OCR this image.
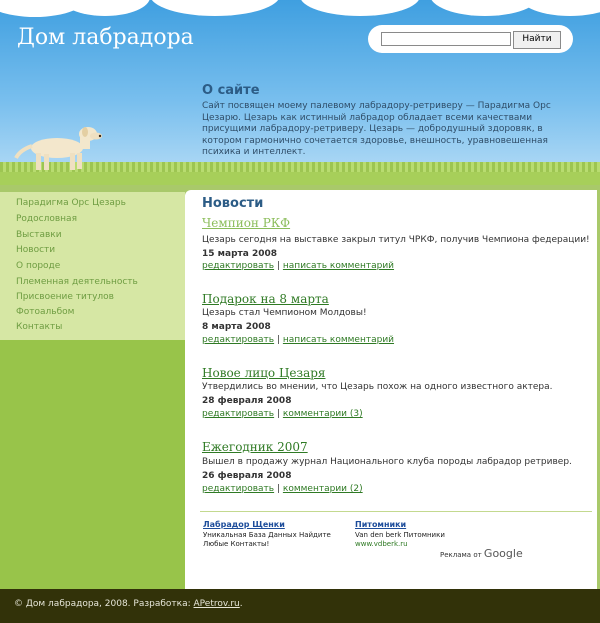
Дом лабрадора	Найти
О сайте
Сайт посвящен моему палевому лабрадору-ретриверу — Парадигма Орс Цезарю. Цезарь как истинный лабрадор обладает всеми качествами присущими лабрадору-ретриверу. Цезарь — добродушный здоровяк, в котором гармонично сочетается здоровье, внешность, уравновешенная психика и интеллект.
Парадигма Орс Цезарь
Родословная
Выставки
Новости
О породе
Племенная деятельность
Присвоение титулов
Фотоальбом
Контакты
Новости
Чемпион РКФ
Цезарь сегодня на выставке закрыл титул ЧРКФ, получив Чемпиона федерации!
15 марта 2008
редактировать | написать комментарий
Подарок на 8 марта
Цезарь стал Чемпионом Молдовы!
8 марта 2008
редактировать | написать комментарий
Новое лицо Цезаря
Утвердились во мнении, что Цезарь похож на одного известного актера.
28 февраля 2008
редактировать | комментарии (3)
Ежегодник 2007
Вышел в продажу журнал Национального клуба породы лабрадор ретривер.
26 февраля 2008
редактировать | комментарии (2)
Лабрадор Щенки
Уникальная База Данных Найдите
Любые Контакты!
Питомники
Van den berk Питомники
www.vdberk.ru
Реклама от Google
© Дом лабрадора, 2008. Разработка: APetrov.ru.
